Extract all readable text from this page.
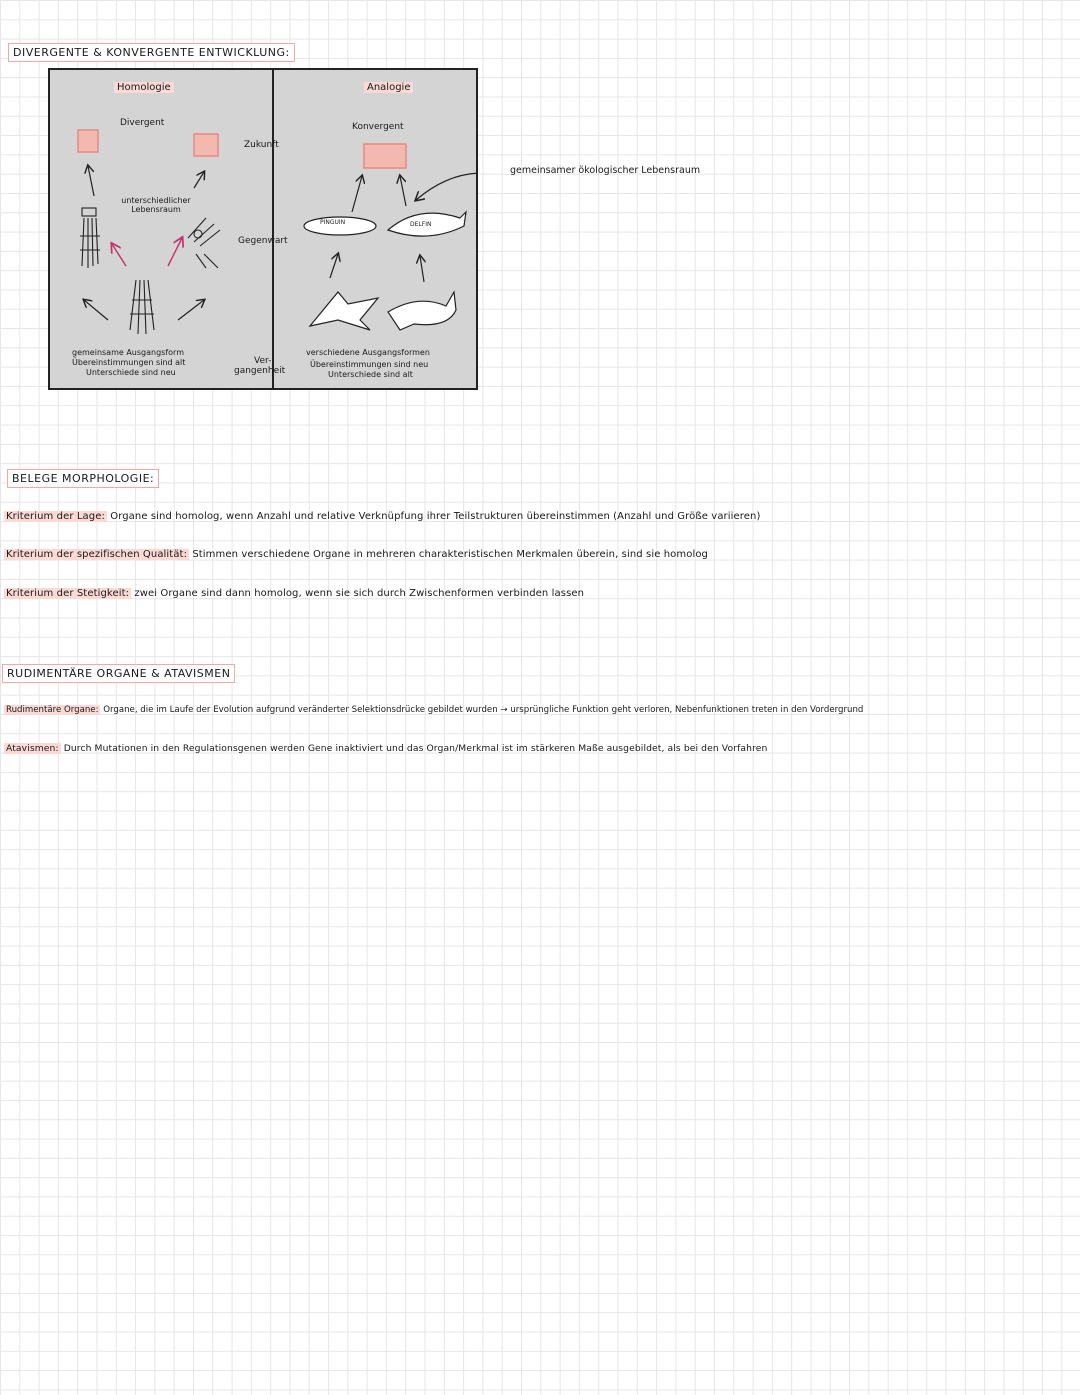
DIVERGENTE & KONVERGENTE ENTWICKLUNG:
Homologie
Divergent
unterschiedlicher Lebensraum
gemeinsame Ausgangsform
Übereinstimmungen sind alt
Unterschiede sind neu
Zukunft
Gegenwart
Ver-
gangenheit
Analogie
Konvergent
PINGUIN	DELFIN
verschiedene Ausgangsformen
Übereinstimmungen sind neu
Unterschiede sind alt
gemeinsamer ökologischer Lebensraum
BELEGE MORPHOLOGIE:
Kriterium der Lage: Organe sind homolog, wenn Anzahl und relative Verknüpfung ihrer Teilstrukturen übereinstimmen (Anzahl und Größe variieren)
Kriterium der spezifischen Qualität: Stimmen verschiedene Organe in mehreren charakteristischen Merkmalen überein, sind sie homolog
Kriterium der Stetigkeit: zwei Organe sind dann homolog, wenn sie sich durch Zwischenformen verbinden lassen
RUDIMENTÄRE ORGANE & ATAVISMEN
Rudimentäre Organe: Organe, die im Laufe der Evolution aufgrund veränderter Selektionsdrücke gebildet wurden → ursprüngliche Funktion geht verloren, Nebenfunktionen treten in den Vordergrund
Atavismen: Durch Mutationen in den Regulationsgenen werden Gene inaktiviert und das Organ/Merkmal ist im stärkeren Maße ausgebildet, als bei den Vorfahren
